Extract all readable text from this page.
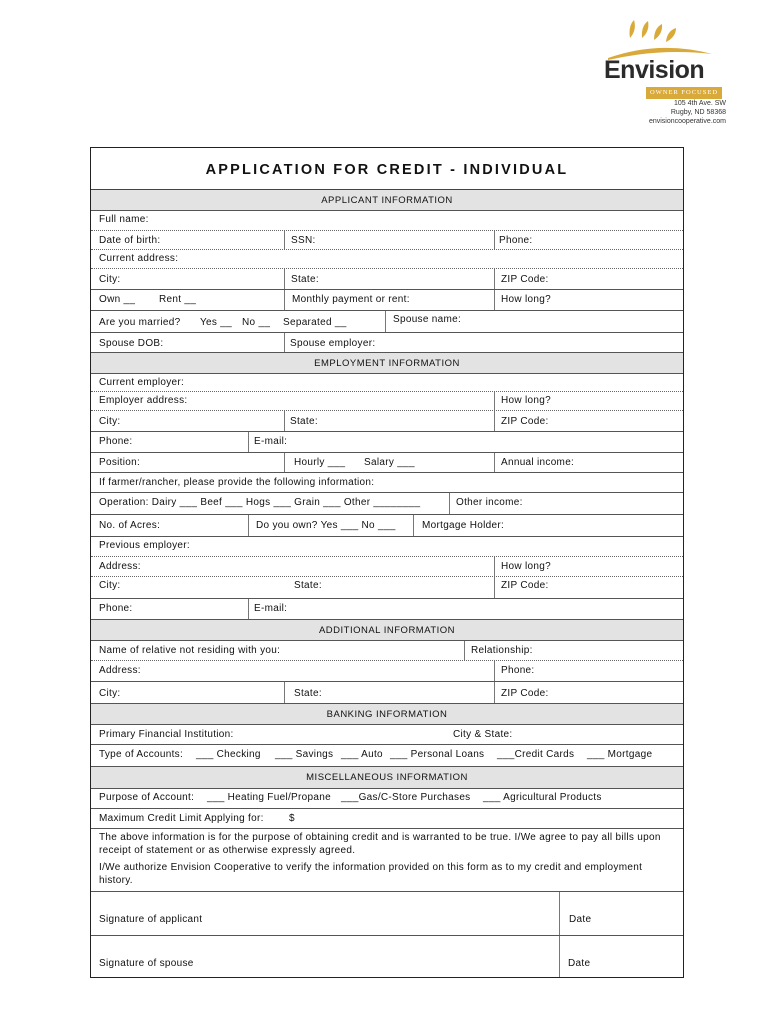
Envision
OWNER FOCUSED
105 4th Ave. SW
Rugby, ND 58368
envisioncooperative.com
APPLICATION FOR CREDIT - INDIVIDUAL
APPLICANT INFORMATION
Full name:
Date of birth:	SSN:	Phone:
Current address:
City:	State:	ZIP Code:
Own __ Rent __	Monthly payment or rent:	How long?
Are you married? Yes __ No __ Separated __	Spouse name:
Spouse DOB:	Spouse employer:
EMPLOYMENT INFORMATION
Current employer:
Employer address:	How long?
City:	State:	ZIP Code:
Phone:	E-mail:
Position:	Hourly ___ Salary ___	Annual income:
If farmer/rancher, please provide the following information:
Operation: Dairy ___ Beef ___ Hogs ___ Grain ___ Other ________	Other income:
No. of Acres:	Do you own? Yes ___ No ___	Mortgage Holder:
Previous employer:
Address:	How long?
City:	State:	ZIP Code:
Phone:	E-mail:
ADDITIONAL INFORMATION
Name of relative not residing with you:	Relationship:
Address:	Phone:
City:	State:	ZIP Code:
BANKING INFORMATION
Primary Financial Institution:	City & State:
Type of Accounts: ___ Checking ___ Savings ___ Auto ___ Personal Loans ___Credit Cards ___ Mortgage
MISCELLANEOUS INFORMATION
Purpose of Account: ___ Heating Fuel/Propane ___Gas/C-Store Purchases ___ Agricultural Products
Maximum Credit Limit Applying for:	$
The above information is for the purpose of obtaining credit and is warranted to be true. I/We agree to pay all bills upon receipt of statement or as otherwise expressly agreed.
I/We authorize Envision Cooperative to verify the information provided on this form as to my credit and employment history.
Signature of applicant	Date
Signature of spouse	Date
